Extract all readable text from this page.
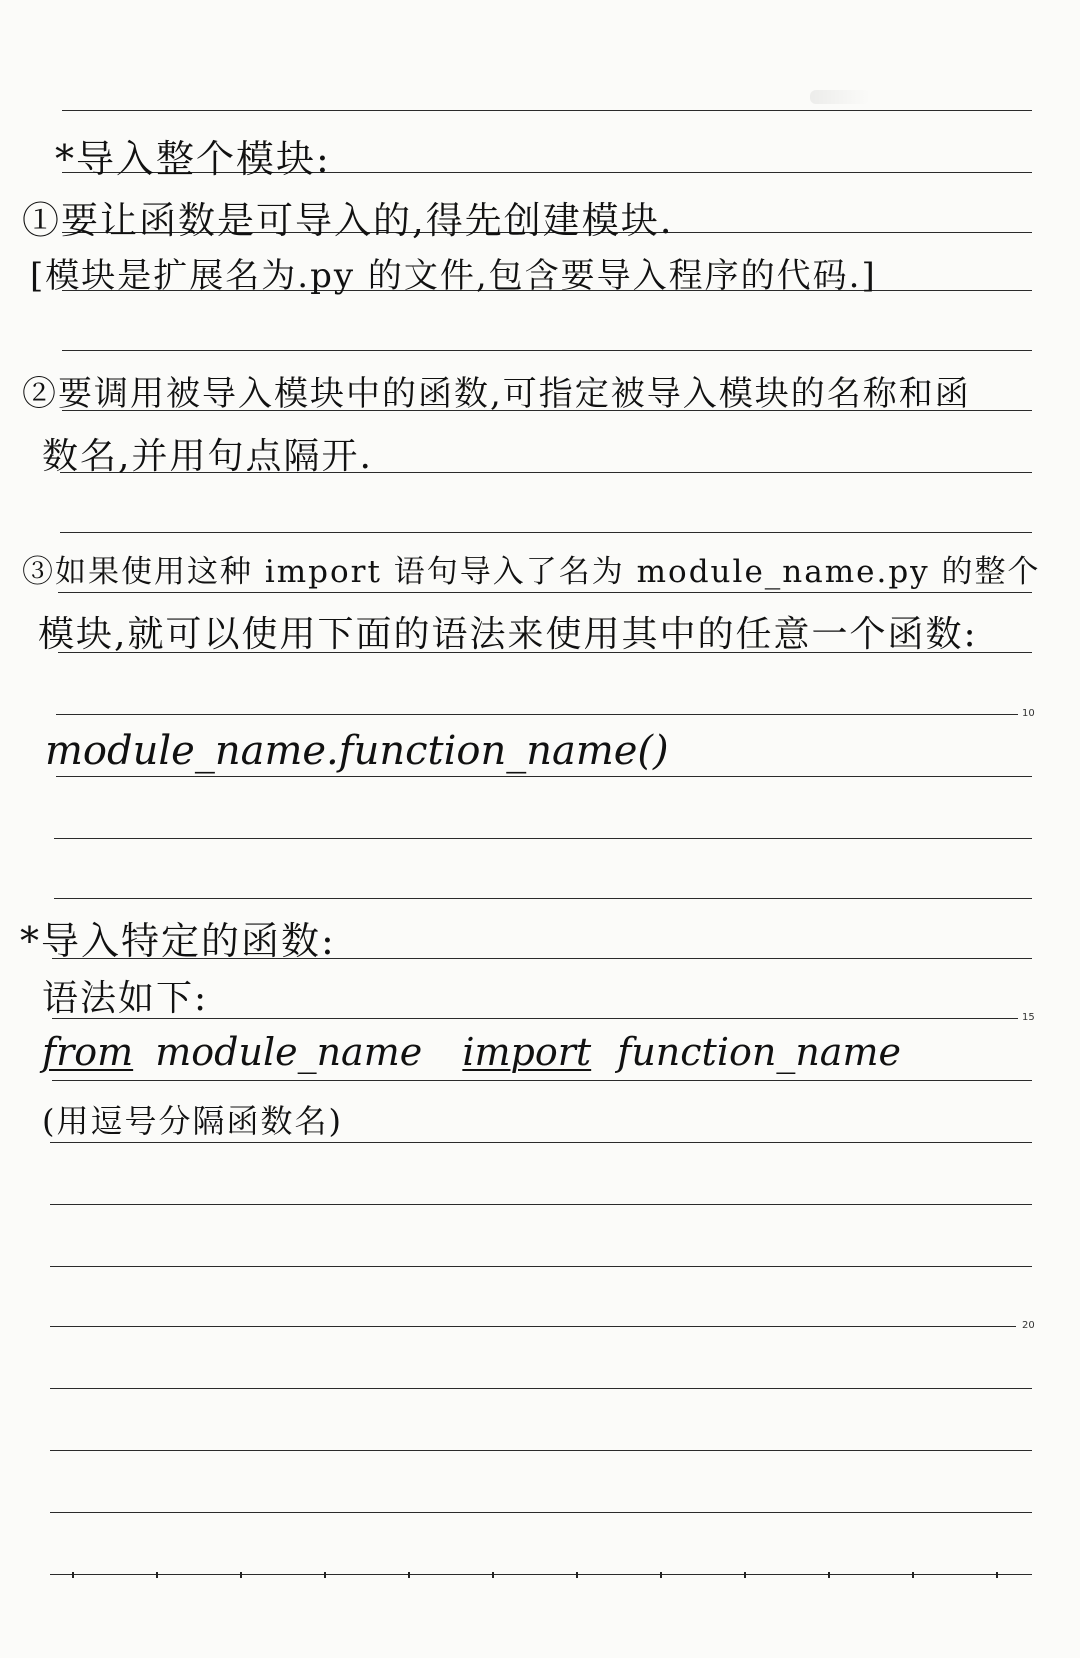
10
15
20
*导入整个模块:
①要让函数是可导入的,得先创建模块.
[模块是扩展名为.py 的文件,包含要导入程序的代码.]
②要调用被导入模块中的函数,可指定被导入模块的名称和函
数名,并用句点隔开.
③如果使用这种 import 语句导入了名为 module_name.py 的整个
模块,就可以使用下面的语法来使用其中的任意一个函数:
module_name.function_name()
*导入特定的函数:
语法如下:
from module_name import function_name
(用逗号分隔函数名)
